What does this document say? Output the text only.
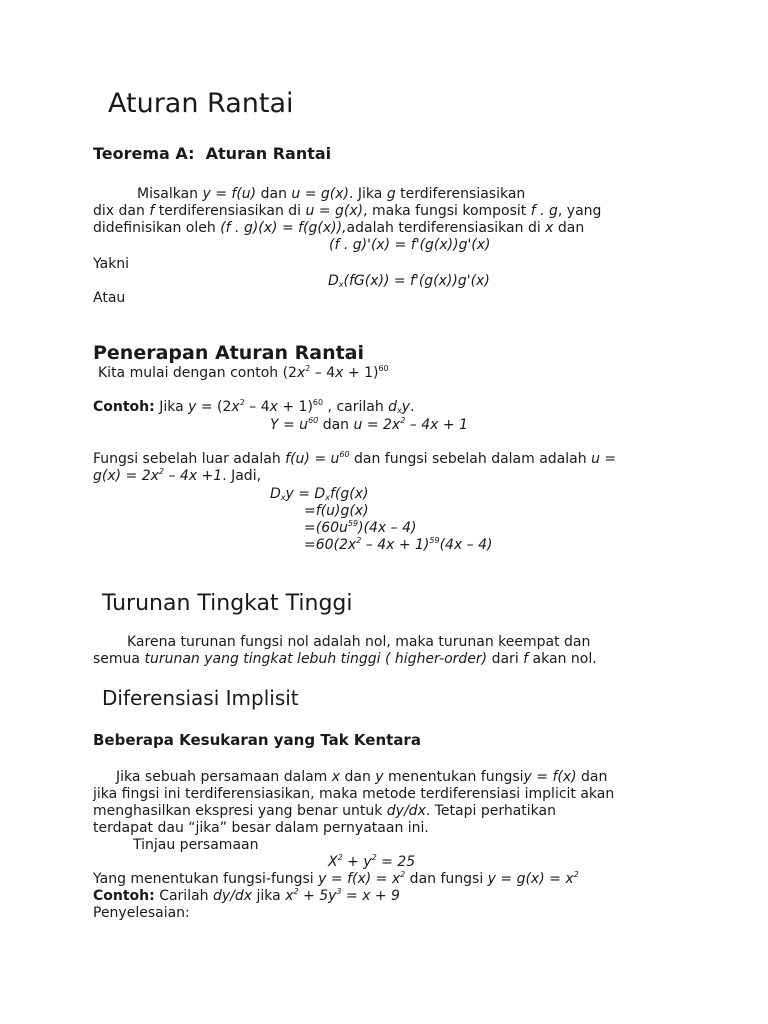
Aturan Rantai
Teorema A: Aturan Rantai
Misalkan y = f(u) dan u = g(x). Jika g terdiferensiasikan
dix dan f terdiferensiasikan di u = g(x), maka fungsi komposit f . g, yang
didefinisikan oleh (f . g)(x) = f(g(x)),adalah terdiferensiasikan di x dan
(f . g)'(x) = f'(g(x))g'(x)
Yakni
$D_x(fG(x)) = f'(g(x))g'(x)$
Atau
Penerapan Aturan Rantai
Kita mulai dengan contoh $(2x^2 - 4x + 1)^{60}$
Contoh: Jika $y = (2x^2 - 4x + 1)^{60}$ , carilah $d_xy$.
$Y = u^{60}$ dan $u = 2x^2 - 4x + 1$
Fungsi sebelah luar adalah $f(u) = u^{60}$ dan fungsi sebelah dalam adalah u =
$g(x) = 2x^2 - 4x +1$. Jadi,
$D_xy = D_xf(g(x)$
=f(u)g(x)
$=(60u^{59})(4x - 4)$
$=60(2x^2 - 4x + 1)^{59}(4x - 4)$
Turunan Tingkat Tinggi
Karena turunan fungsi nol adalah nol, maka turunan keempat dan
semua turunan yang tingkat lebuh tinggi ( higher-order) dari f akan nol.
Diferensiasi Implisit
Beberapa Kesukaran yang Tak Kentara
Jika sebuah persamaan dalam x dan y menentukan fungsiy = f(x) dan
jika fingsi ini terdiferensiasikan, maka metode terdiferensiasi implicit akan
menghasilkan ekspresi yang benar untuk dy/dx. Tetapi perhatikan
terdapat dau “jika” besar dalam pernyataan ini.
Tinjau persamaan
$X^2 + y^2 = 25$
Yang menentukan fungsi-fungsi $y = f(x) = x^2$ dan fungsi $y = g(x) = x^2$
Contoh: Carilah dy/dx jika $x^2 + 5y^3 = x + 9$
Penyelesaian:
